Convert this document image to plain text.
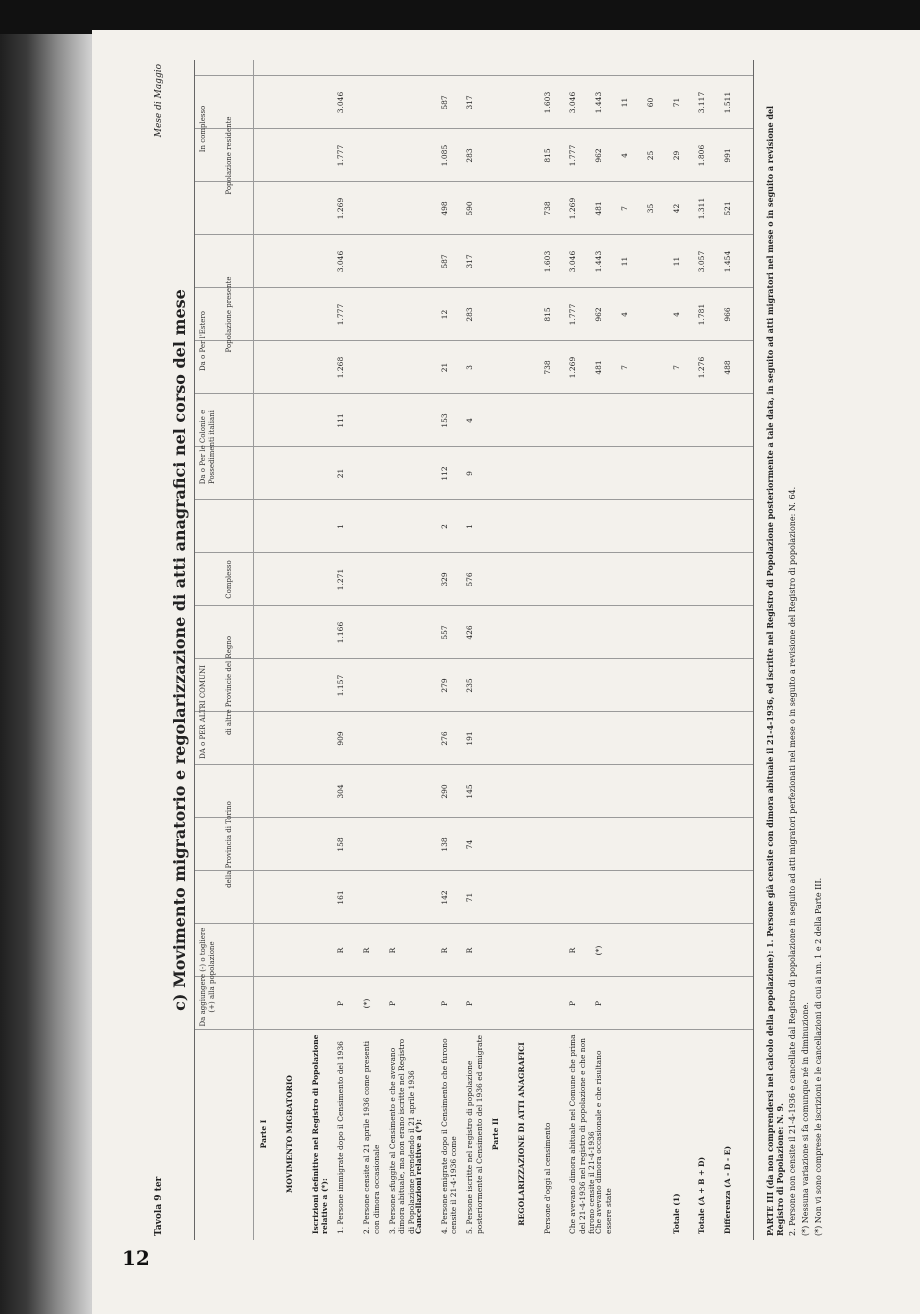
12
Tavola 9 ter
Mese di Maggio
c) Movimento migratorio e regolarizzazione di atti anagrafici nel corso del mese Da aggiungere (-) o togliere (+) alla popolazione
DA o PER ALTRI COMUNI
Da o Per le Colonie e Possedimenti italiani
Da o Per l'Estero
In complesso
della Provincia di Torino
di altre Provincie del Regno
Complesso
Popolazione presente
Popolazione residente
Parte I MOVIMENTO MIGRATORIO Iscrizioni definitive nel Registro di Popolazione relative a (*): 1. Persone immigrate dopo il Censimento del 1936
P
R
161
158
304
909
1.157
1.166
1.271
1
21
111
1.268
1.777
3.046
1.269
1.777
3.046
2. Persone censite al 21 aprile 1936 come presenti con dimora occasionale
(*)
R
3. Persone sfuggite al Censimento e che avevano dimora abituale, ma non erano iscritte nel Registro di Popolazione prendendo il 21 aprile 1936
P
R
Cancellazioni relative a (*): 4. Persone emigrate dopo il Censimento che furono censite il 21-4-1936 come
P
R
142
138
290
276
279
557
329
2
112
153
21
12
587
498
1.085
587
5. Persone iscritte nel registro di popolazione posteriormente al Censimento del 1936 ed emigrate
P
R
71
74
145
191
235
426
576
1
9
4
3
283
317
590
283
317
Parte II REGOLARIZZAZIONE DI ATTI ANAGRAFICI Persone d'oggi al censimento
738
815
1.603
738
815
1.603
Che avevano dimora abituale nel Comune che prima del 21-4-1936 nel registro di popolazione e che non furono censite il 21-4-1936
P
R
1.269
1.777
3.046
1.269
1.777
3.046
Che avevano dimora occasionale e che risultano essere state
P
(*)
481
962
1.443
481
962
1.443
7
4
11
7
4
11
35
25
60
Totale (1)
7
4
11
42
29
71
Totale (A + B + D)
1.276
1.781
3.057
1.311
1.806
3.117
Differenza (A - D - E)
488
966
1.454
521
991
1.511

PARTE III (da non comprendersi nel calcolo della popolazione): 1. Persone già censite con dimora abituale il 21-4-1936, ed iscritte nel Registro di Popolazione posteriormente a tale data, in seguito ad atti migratori nel mese o in seguito a revisione del Registro di Popolazione: N. 9. 2. Persone non censite il 21-4-1936 e cancellate dal Registro di popolazione in seguito ad atti migratori perfezionati nel mese o in seguito a revisione del Registro di popolazione: N. 64. (*) Nessuna variazione si fa comunque né in diminuzione. (*) Non vi sono comprese le iscrizioni e le cancellazioni di cui ai nn. 1 e 2 della Parte III.
